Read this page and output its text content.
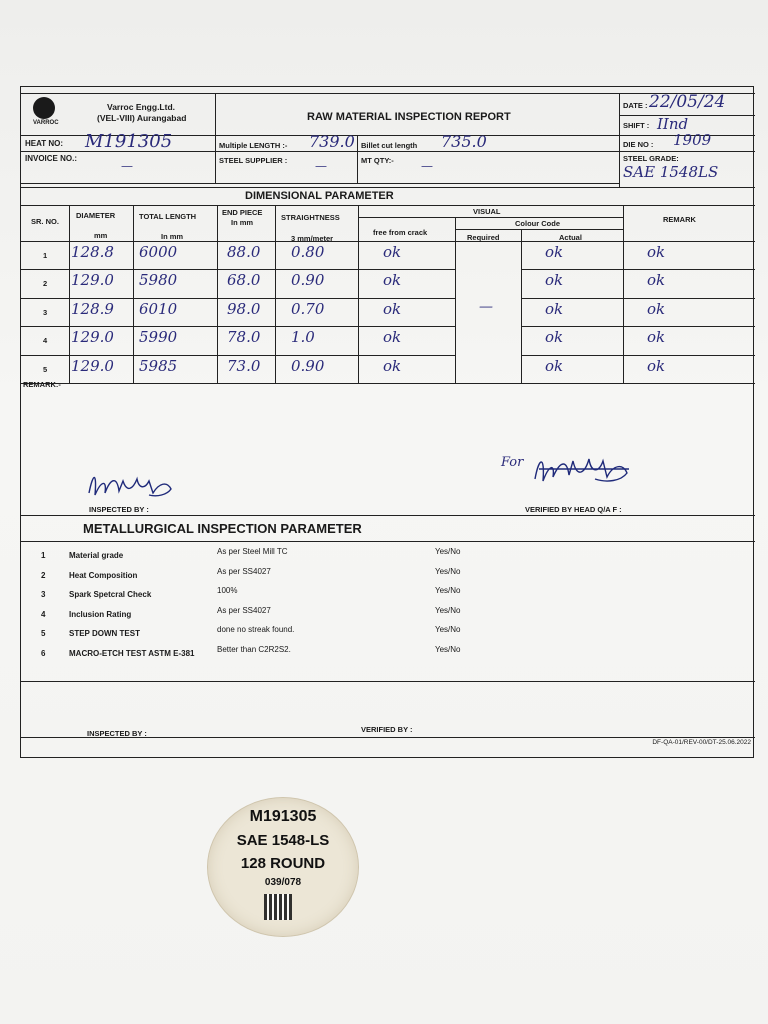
VARROC
Varroc Engg.Ltd.
(VEL-VIII) Aurangabad	RAW MATERIAL INSPECTION REPORT
DATE : 22/05/24
SHIFT : IInd
HEAT NO: M191305	Multiple LENGTH :- 739.0 Billet cut length 735.0	DIE NO : 1909
INVOICE NO.:
—	STEEL SUPPLIER : —	MT QTY:- —
STEEL GRADE:
SAE 1548LS
DIMENSIONAL PARAMETER
SR. NO.
DIAMETER
mm
TOTAL LENGTH
In mm
END PIECE
In mm
STRAIGHTNESS
3 mm/meter
VISUAL
free from crack
Colour Code
Required	Actual
REMARK
1 128.8 6000	88.0 0.80	ok	ok	ok
2 129.0 5980	68.0 0.90	ok	ok	ok
3 128.9 6010	98.0 0.70	ok	ok	ok
4 129.0 5990	78.0 1.0	ok	ok	ok
5 129.0 5985	73.0 0.90	ok	ok	ok
—
REMARK:-
INSPECTED BY :
For
VERIFIED BY HEAD Q/A F :
METALLURGICAL INSPECTION PARAMETER
1	Material grade	As per Steel Mill TC	Yes/No
2	Heat Composition	As per SS4027	Yes/No
3	Spark Spetcral Check	100%	Yes/No
4	Inclusion Rating	As per SS4027	Yes/No
5	STEP DOWN TEST	done no streak found.	Yes/No
6	MACRO-ETCH TEST ASTM E-381	Better than C2R2S2.	Yes/No
INSPECTED BY :	VERIFIED BY :
DF-QA-01/REV-00/DT-25.06.2022
M191305
SAE 1548-LS
128 ROUND
039/078
